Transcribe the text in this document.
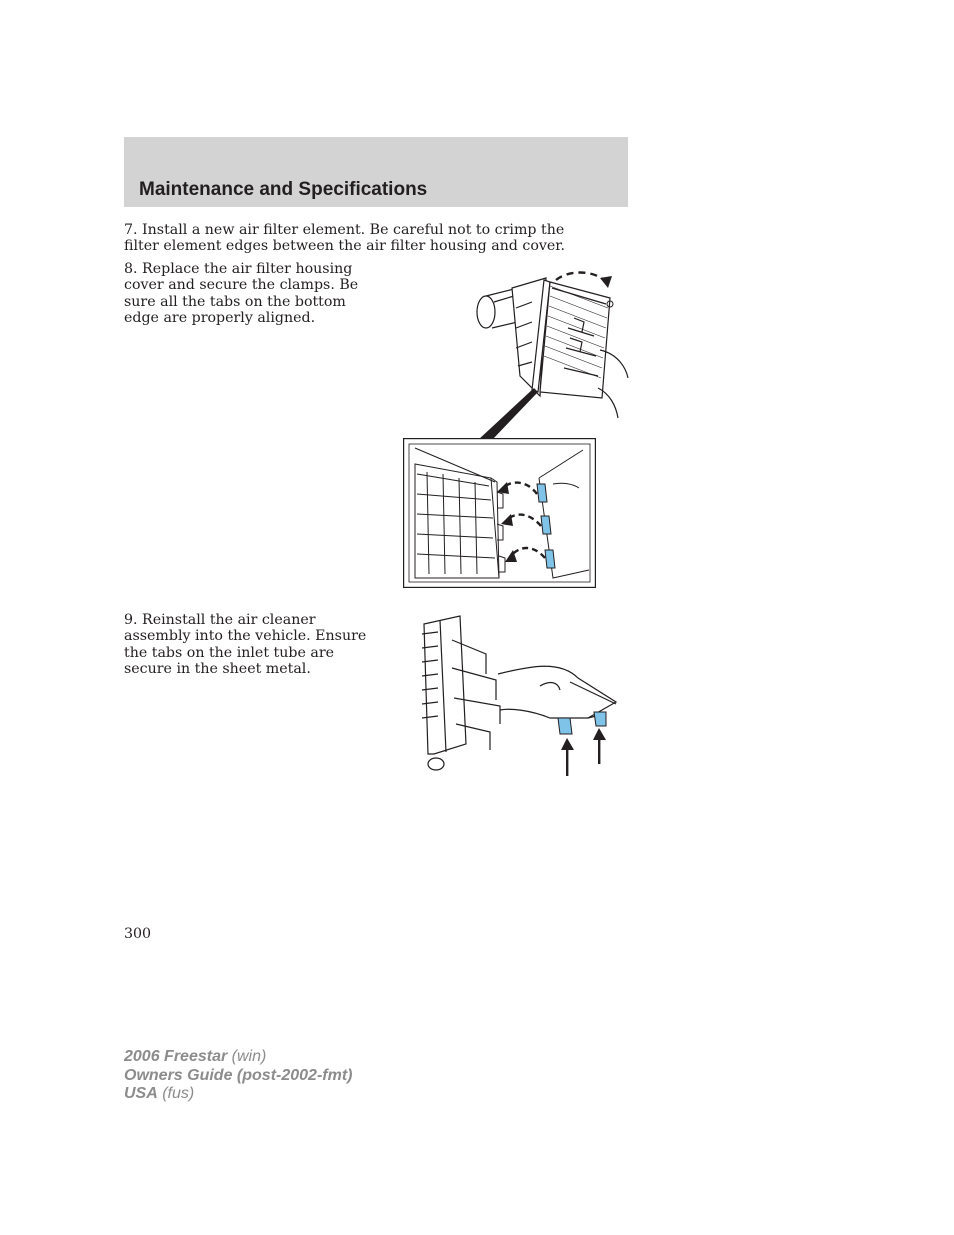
Maintenance and Specifications

7. Install a new air filter element. Be careful not to crimp the filter element edges between the air filter housing and cover.

8. Replace the air filter housing cover and secure the clamps. Be sure all the tabs on the bottom edge are properly aligned.

9. Reinstall the air cleaner assembly into the vehicle. Ensure the tabs on the inlet tube are secure in the sheet metal.

300
2006 Freestar (win)
Owners Guide (post-2002-fmt)
USA (fus)
